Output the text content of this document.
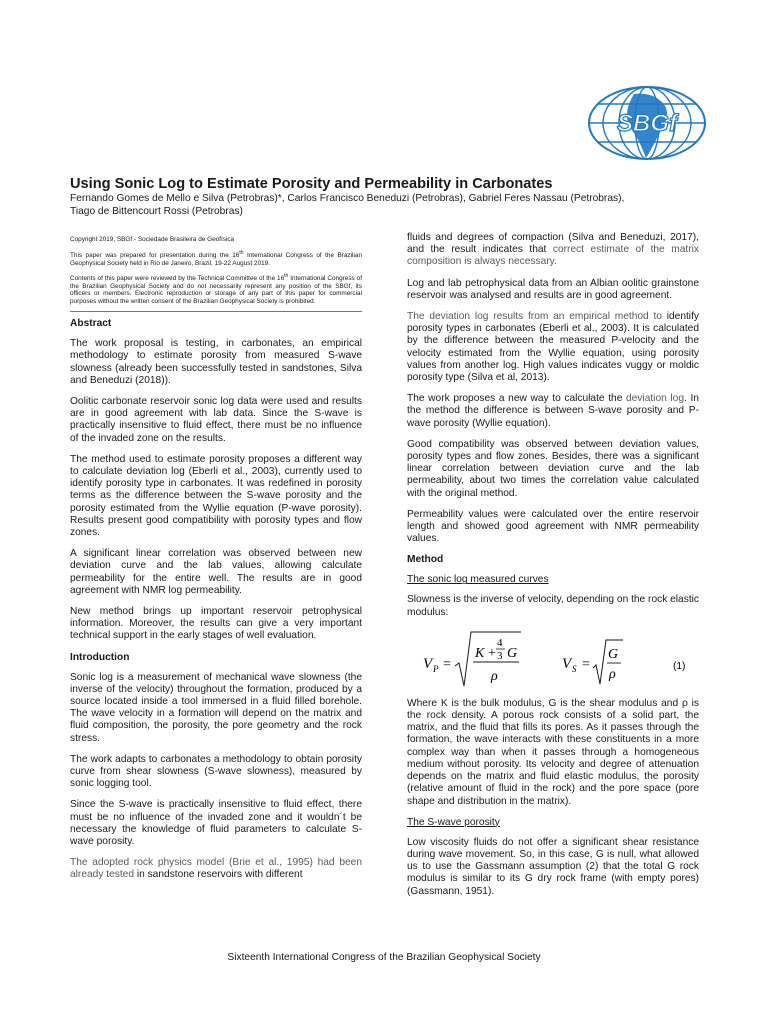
SBGf
Using Sonic Log to Estimate Porosity and Permeability in Carbonates
Fernando Gomes de Mello e Silva (Petrobras)*, Carlos Francisco Beneduzi (Petrobras), Gabriel Feres Nassau (Petrobras),
Tiago de Bittencourt Rossi (Petrobras)

Copyright 2019, SBGf - Sociedade Brasileira de Geofísica

This paper was prepared for presentation during the 16th International Congress of the Brazilian Geophysical Society held in Rio de Janeiro, Brazil, 19-22 August 2019.

Contents of this paper were reviewed by the Technical Committee of the 16th International Congress of the Brazilian Geophysical Society and do not necessarily represent any position of the SBGf, its officers or members. Electronic reproduction or storage of any part of this paper for commercial purposes without the written consent of the Brazilian Geophysical Society is prohibited.

Abstract

The work proposal is testing, in carbonates, an empirical methodology to estimate porosity from measured S-wave slowness (already been successfully tested in sandstones, Silva and Beneduzi (2018)).

Oolitic carbonate reservoir sonic log data were used and results are in good agreement with lab data. Since the S-wave is practically insensitive to fluid effect, there must be no influence of the invaded zone on the results.

The method used to estimate porosity proposes a different way to calculate deviation log (Eberli et al., 2003), currently used to identify porosity type in carbonates. It was redefined in porosity terms as the difference between the S-wave porosity and the porosity estimated from the Wyllie equation (P-wave porosity). Results present good compatibility with porosity types and flow zones.

A significant linear correlation was observed between new deviation curve and the lab values, allowing calculate permeability for the entire well. The results are in good agreement with NMR log permeability.

New method brings up important reservoir petrophysical information. Moreover, the results can give a very important technical support in the early stages of well evaluation.

Introduction

Sonic log is a measurement of mechanical wave slowness (the inverse of the velocity) throughout the formation, produced by a source located inside a tool immersed in a fluid filled borehole. The wave velocity in a formation will depend on the matrix and fluid composition, the porosity, the pore geometry and the rock stress.

The work adapts to carbonates a methodology to obtain porosity curve from shear slowness (S-wave slowness), measured by sonic logging tool.

Since the S-wave is practically insensitive to fluid effect, there must be no influence of the invaded zone and it wouldn´t be necessary the knowledge of fluid parameters to calculate S-wave porosity.

The adopted rock physics model (Brie et al., 1995) had been already tested in sandstone reservoirs with different

fluids and degrees of compaction (Silva and Beneduzi, 2017), and the result indicates that correct estimate of the matrix composition is always necessary.

Log and lab petrophysical data from an Albian oolitic grainstone reservoir was analysed and results are in good agreement.

The deviation log results from an empirical method to identify porosity types in carbonates (Eberli et al., 2003). It is calculated by the difference between the measured P-velocity and the velocity estimated from the Wyllie equation, using porosity values from another log. High values indicates vuggy or moldic porosity type (Silva et al, 2013).

The work proposes a new way to calculate the deviation log. In the method the difference is between S-wave porosity and P-wave porosity (Wyllie equation).

Good compatibility was observed between deviation values, porosity types and flow zones. Besides, there was a significant linear correlation between deviation curve and the lab permeability, about two times the correlation value calculated with the original method.

Permeability values were calculated over the entire reservoir length and showed good agreement with NMR permeability values.

Method
The sonic log measured curves

Slowness is the inverse of velocity, depending on the rock elastic modulus:

V P =
K +
4
3 G
ρ
V S =
G
ρ
(1)

Where K is the bulk modulus, G is the shear modulus and ρ is the rock density. A porous rock consists of a solid part, the matrix, and the fluid that fills its pores. As it passes through the formation, the wave interacts with these constituents in a more complex way than when it passes through a homogeneous medium without porosity. Its velocity and degree of attenuation depends on the matrix and fluid elastic modulus, the porosity (relative amount of fluid in the rock) and the pore space (pore shape and distribution in the matrix).

The S-wave porosity

Low viscosity fluids do not offer a significant shear resistance during wave movement. So, in this case, G is null, what allowed us to use the Gassmann assumption (2) that the total G rock modulus is similar to its G dry rock frame (with empty pores) (Gassmann, 1951).

Sixteenth International Congress of the Brazilian Geophysical Society
